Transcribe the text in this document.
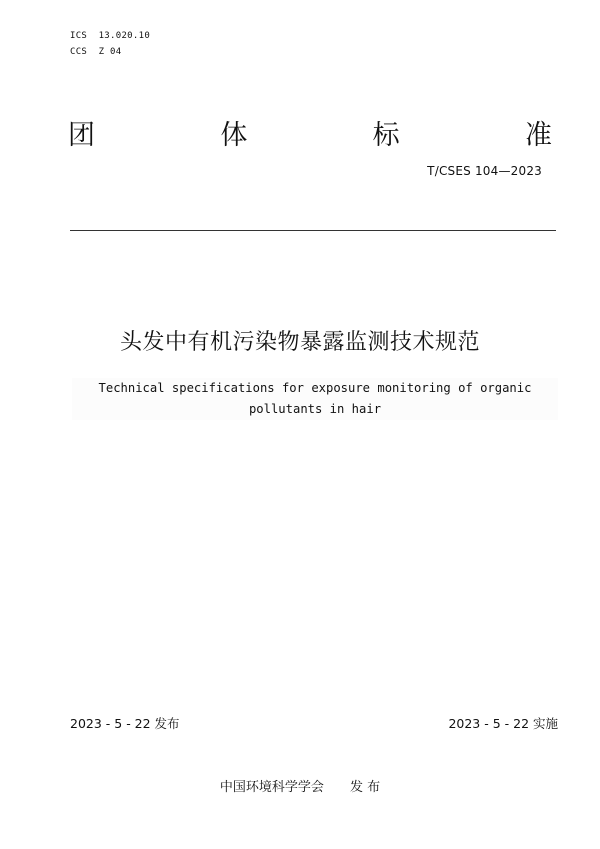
ICS  13.020.10
CCS  Z 04
团	体	标	准
T/CSES 104—2023
头发中有机污染物暴露监测技术规范
Technical specifications for exposure monitoring of organic
pollutants in hair
2023 - 5 - 22 发布	2023 - 5 - 22 实施
中国环境科学学会 发 布
